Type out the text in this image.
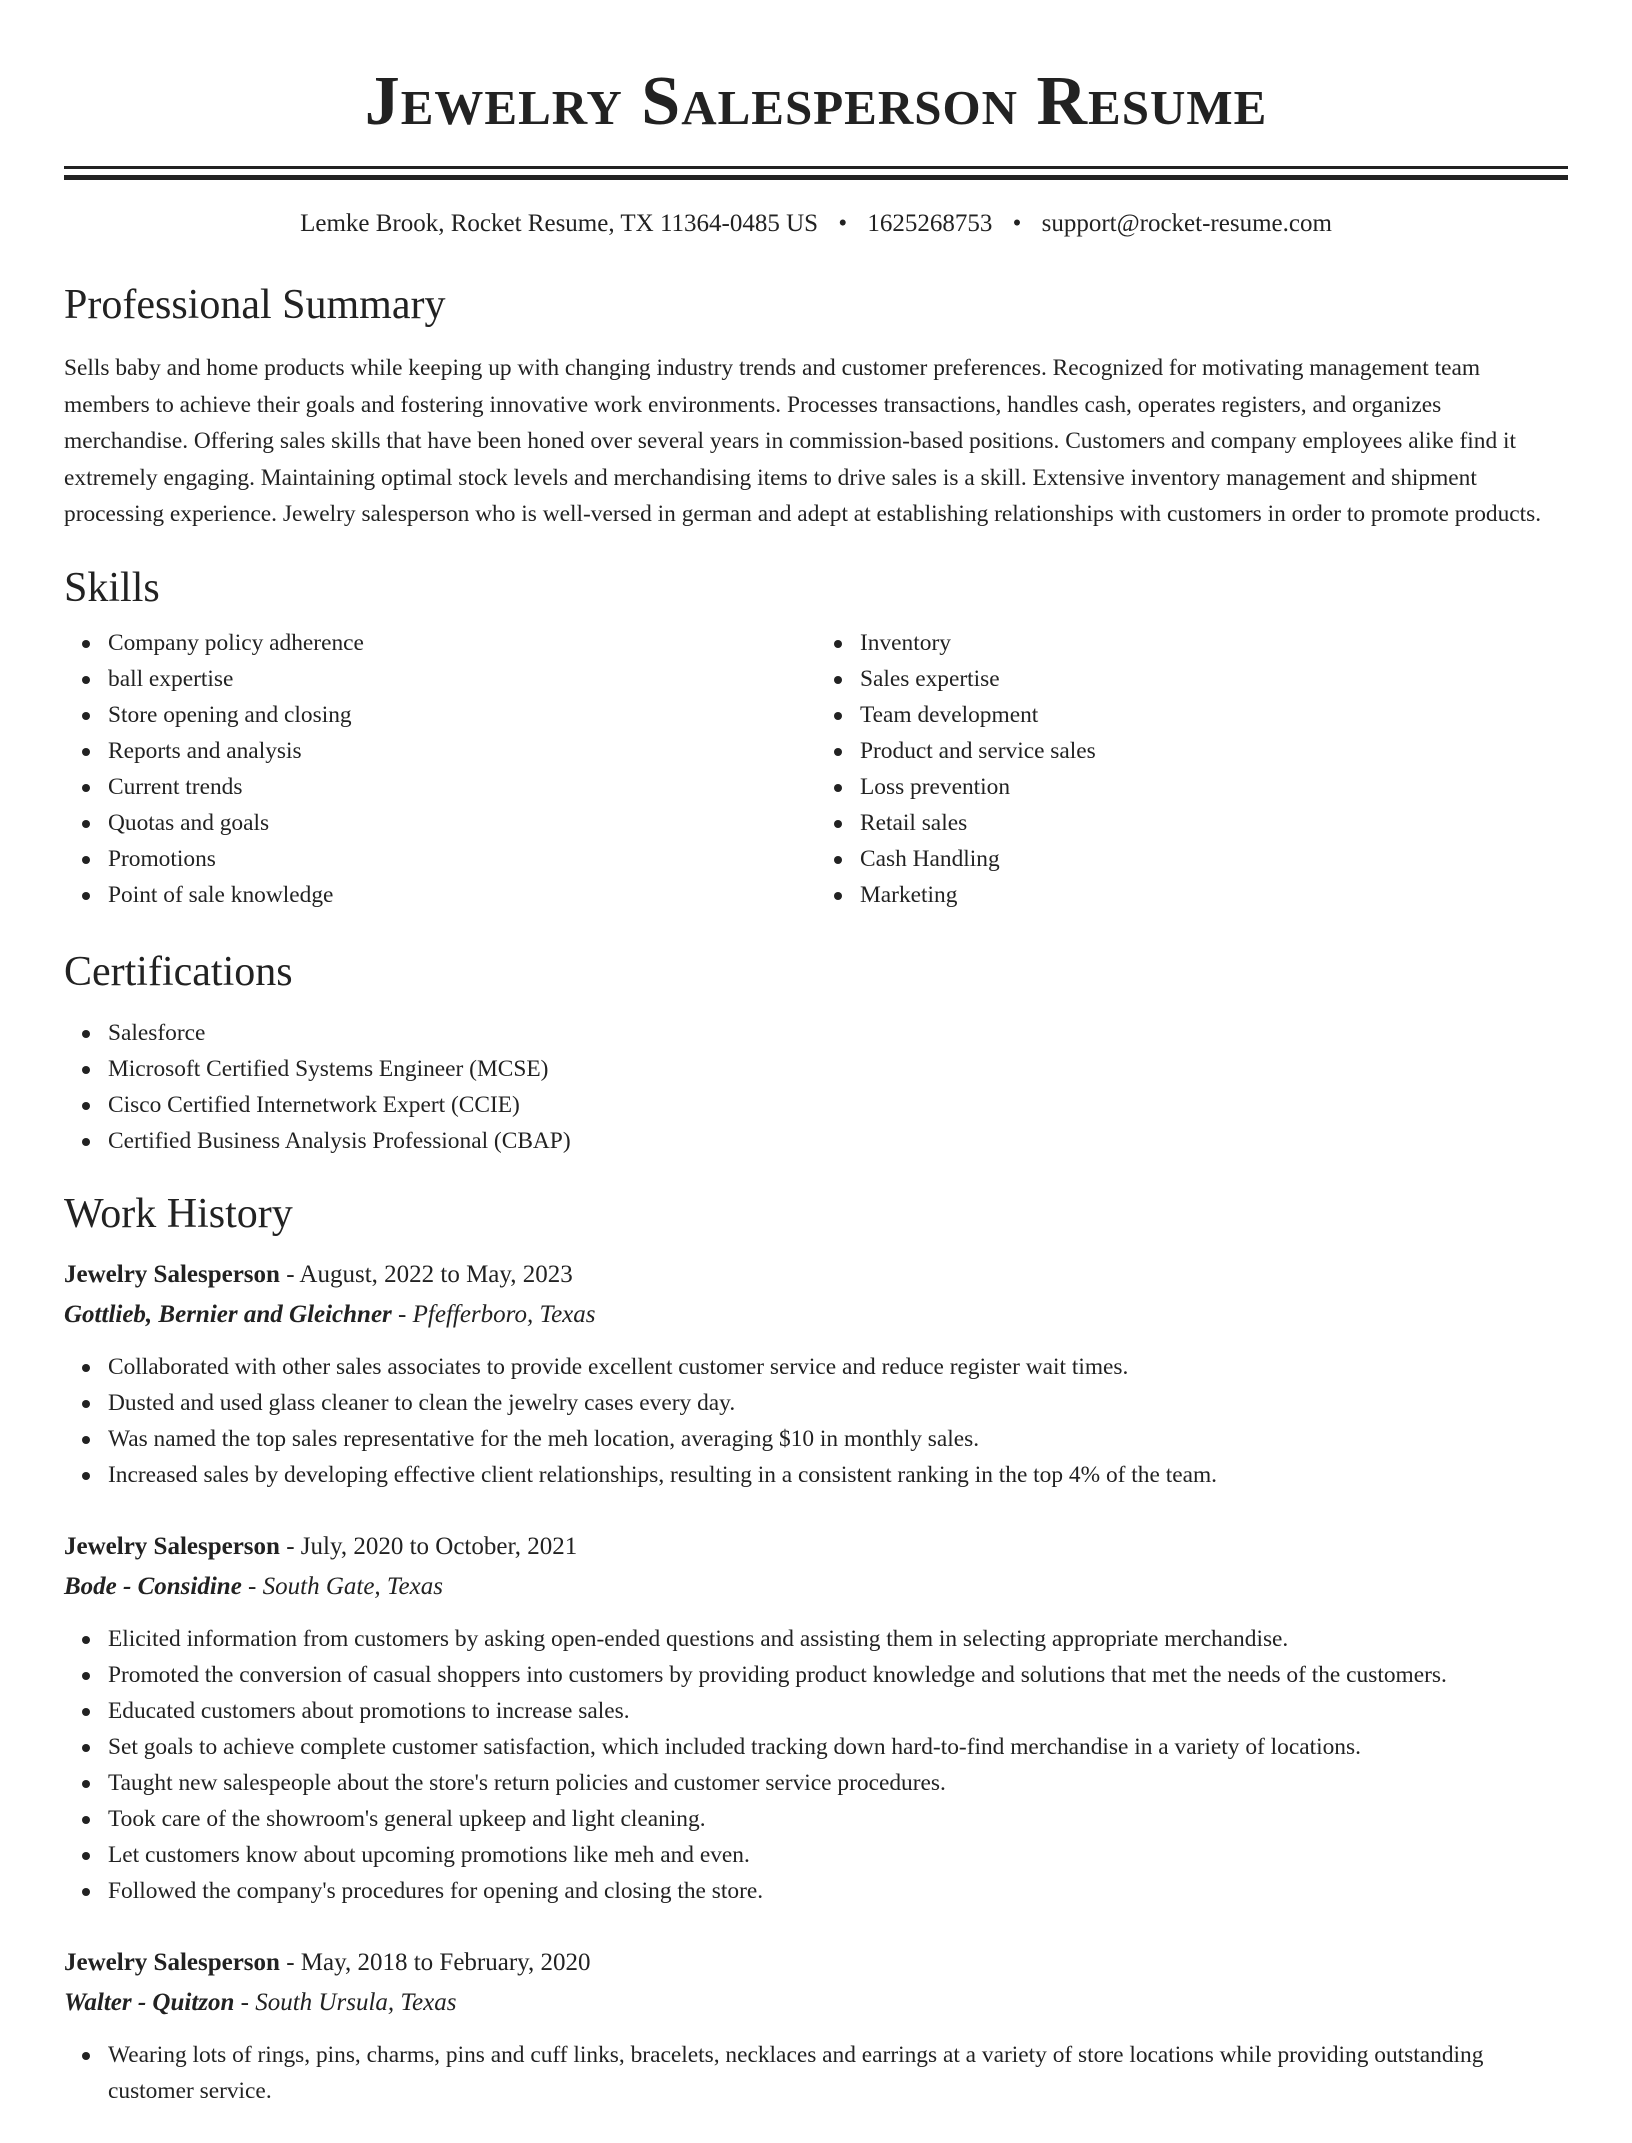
Jewelry Salesperson Resume
Lemke Brook, Rocket Resume, TX 11364-0485 US • 1625268753 • support@rocket-resume.com
Professional Summary

Sells baby and home products while keeping up with changing industry trends and customer preferences. Recognized for motivating management team members to achieve their goals and fostering innovative work environments. Processes transactions, handles cash, operates registers, and organizes merchandise. Offering sales skills that have been honed over several years in commission-based positions. Customers and company employees alike find it extremely engaging. Maintaining optimal stock levels and merchandising items to drive sales is a skill. Extensive inventory management and shipment processing experience. Jewelry salesperson who is well-versed in german and adept at establishing relationships with customers in order to promote products.

Skills
Company policy adherence
ball expertise
Store opening and closing
Reports and analysis
Current trends
Quotas and goals
Promotions
Point of sale knowledge
Inventory
Sales expertise
Team development
Product and service sales
Loss prevention
Retail sales
Cash Handling
Marketing
Certifications
Salesforce
Microsoft Certified Systems Engineer (MCSE)
Cisco Certified Internetwork Expert (CCIE)
Certified Business Analysis Professional (CBAP)
Work History
Jewelry Salesperson - August, 2022 to May, 2023
Gottlieb, Bernier and Gleichner - Pfefferboro, Texas
Collaborated with other sales associates to provide excellent customer service and reduce register wait times.
Dusted and used glass cleaner to clean the jewelry cases every day.
Was named the top sales representative for the meh location, averaging $10 in monthly sales.
Increased sales by developing effective client relationships, resulting in a consistent ranking in the top 4% of the team.
Jewelry Salesperson - July, 2020 to October, 2021
Bode - Considine - South Gate, Texas
Elicited information from customers by asking open-ended questions and assisting them in selecting appropriate merchandise.
Promoted the conversion of casual shoppers into customers by providing product knowledge and solutions that met the needs of the customers.
Educated customers about promotions to increase sales.
Set goals to achieve complete customer satisfaction, which included tracking down hard-to-find merchandise in a variety of locations.
Taught new salespeople about the store's return policies and customer service procedures.
Took care of the showroom's general upkeep and light cleaning.
Let customers know about upcoming promotions like meh and even.
Followed the company's procedures for opening and closing the store.
Jewelry Salesperson - May, 2018 to February, 2020
Walter - Quitzon - South Ursula, Texas
Wearing lots of rings, pins, charms, pins and cuff links, bracelets, necklaces and earrings at a variety of store locations while providing outstanding customer service.
